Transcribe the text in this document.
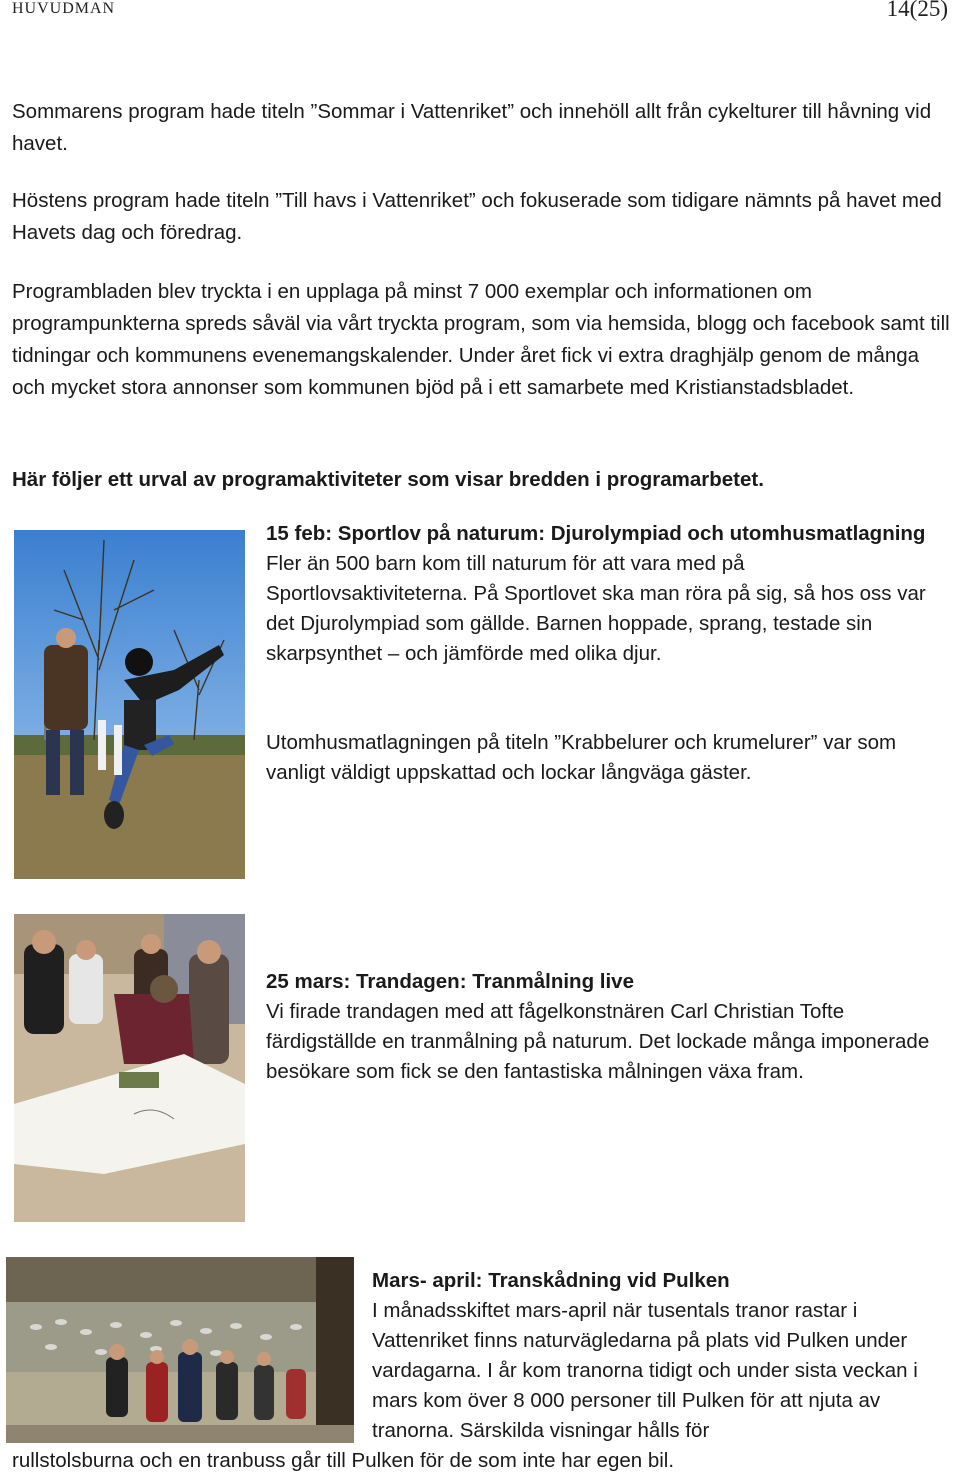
HUVUDMAN	14(25)

Sommarens program hade titeln ”Sommar i Vattenriket” och innehöll allt från cykelturer till håvning vid havet.

Höstens program hade titeln ”Till havs i Vattenriket” och fokuserade som tidigare nämnts på havet med Havets dag och föredrag.

Programbladen blev tryckta i en upplaga på minst 7 000 exemplar och informationen om programpunkterna spreds såväl via vårt tryckta program, som via hemsida, blogg och facebook samt till tidningar och kommunens evenemangskalender. Under året fick vi extra draghjälp genom de många och mycket stora annonser som kommunen bjöd på i ett samarbete med Kristianstadsbladet.

Här följer ett urval av programaktiviteter som visar bredden i programarbetet.

15 feb: Sportlov på naturum: Djurolympiad och utomhusmatlagning
Fler än 500 barn kom till naturum för att vara med på Sportlovsaktiviteterna. På Sportlovet ska man röra på sig, så hos oss var det Djurolympiad som gällde. Barnen hoppade, sprang, testade sin skarpsynthet – och jämförde med olika djur.
Utomhusmatlagningen på titeln ”Krabbelurer och krumelurer” var som vanligt väldigt uppskattad och lockar långväga gäster.
25 mars: Trandagen: Tranmålning live
Vi firade trandagen med att fågelkonstnären Carl Christian Tofte färdigställde en tranmålning på naturum. Det lockade många imponerade besökare som fick se den fantastiska målningen växa fram.
Mars- april: Transkådning vid Pulken
I månadsskiftet mars-april när tusentals tranor rastar i Vattenriket finns naturvägledarna på plats vid Pulken under vardagarna. I år kom tranorna tidigt och under sista veckan i mars kom över 8 000 personer till Pulken för att njuta av tranorna. Särskilda visningar hålls för
rullstolsburna och en tranbuss går till Pulken för de som inte har egen bil.
